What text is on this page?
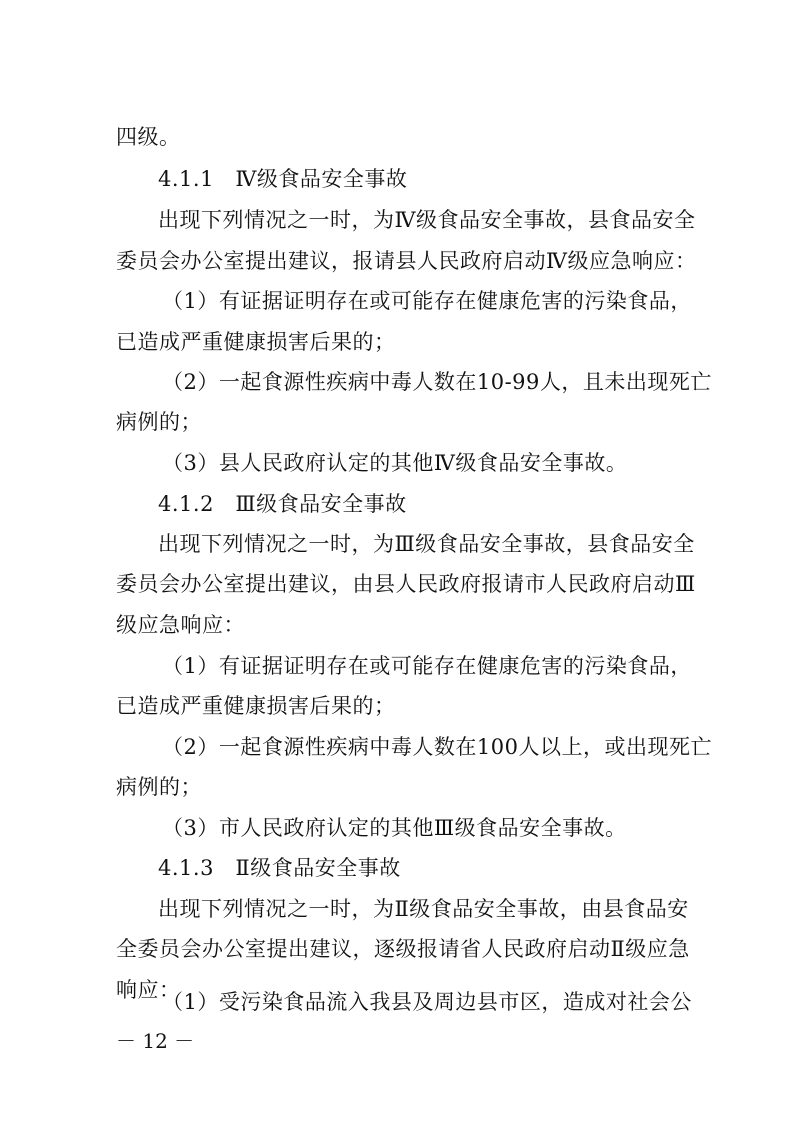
四级。
4.1.1　Ⅳ级食品安全事故
出现下列情况之一时，为Ⅳ级食品安全事故，县食品安全
委员会办公室提出建议，报请县人民政府启动Ⅳ级应急响应：
（1）有证据证明存在或可能存在健康危害的污染食品，
已造成严重健康损害后果的；
（2）一起食源性疾病中毒人数在10-99人，且未出现死亡
病例的；
（3）县人民政府认定的其他Ⅳ级食品安全事故。
4.1.2　Ⅲ级食品安全事故
出现下列情况之一时，为Ⅲ级食品安全事故，县食品安全
委员会办公室提出建议，由县人民政府报请市人民政府启动Ⅲ
级应急响应：
（1）有证据证明存在或可能存在健康危害的污染食品，
已造成严重健康损害后果的；
（2）一起食源性疾病中毒人数在100人以上，或出现死亡
病例的；
（3）市人民政府认定的其他Ⅲ级食品安全事故。
4.1.3　Ⅱ级食品安全事故
出现下列情况之一时，为Ⅱ级食品安全事故，由县食品安
全委员会办公室提出建议，逐级报请省人民政府启动Ⅱ级应急
响应：
（1）受污染食品流入我县及周边县市区，造成对社会公
－ 12 －
